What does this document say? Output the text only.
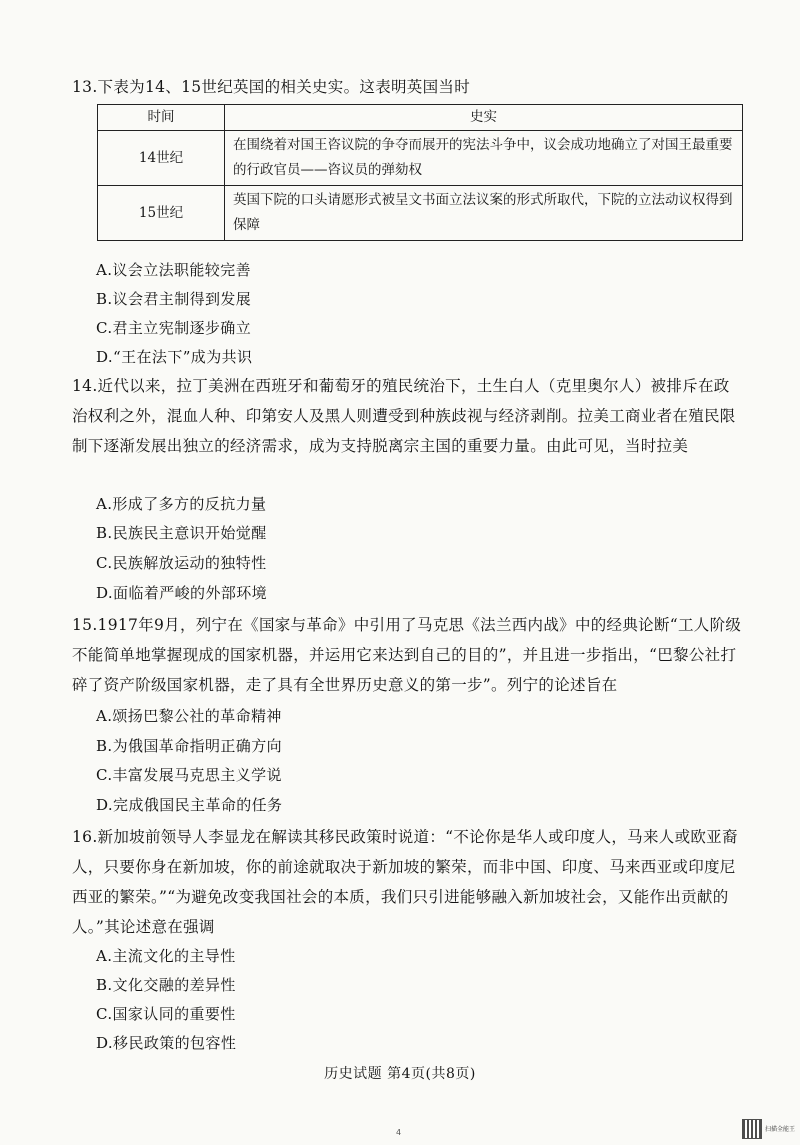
13.下表为14、15世纪英国的相关史实。这表明英国当时
时间	史实
14世纪	在围绕着对国王咨议院的争夺而展开的宪法斗争中，议会成功地确立了对国王最重要的行政官员——咨议员的弹劾权
15世纪	英国下院的口头请愿形式被呈文书面立法议案的形式所取代，下院的立法动议权得到保障
A.议会立法职能较完善
B.议会君主制得到发展
C.君主立宪制逐步确立
D.“王在法下”成为共识
14.近代以来，拉丁美洲在西班牙和葡萄牙的殖民统治下，土生白人（克里奥尔人）被排斥在政治权利之外，混血人种、印第安人及黑人则遭受到种族歧视与经济剥削。拉美工商业者在殖民限制下逐渐发展出独立的经济需求，成为支持脱离宗主国的重要力量。由此可见，当时拉美
A.形成了多方的反抗力量
B.民族民主意识开始觉醒
C.民族解放运动的独特性
D.面临着严峻的外部环境
15.1917年9月，列宁在《国家与革命》中引用了马克思《法兰西内战》中的经典论断“工人阶级不能简单地掌握现成的国家机器，并运用它来达到自己的目的”，并且进一步指出，“巴黎公社打碎了资产阶级国家机器，走了具有全世界历史意义的第一步”。列宁的论述旨在
A.颂扬巴黎公社的革命精神
B.为俄国革命指明正确方向
C.丰富发展马克思主义学说
D.完成俄国民主革命的任务
16.新加坡前领导人李显龙在解读其移民政策时说道：“不论你是华人或印度人，马来人或欧亚裔人，只要你身在新加坡，你的前途就取决于新加坡的繁荣，而非中国、印度、马来西亚或印度尼西亚的繁荣。”“为避免改变我国社会的本质，我们只引进能够融入新加坡社会，又能作出贡献的人。”其论述意在强调
A.主流文化的主导性
B.文化交融的差异性
C.国家认同的重要性
D.移民政策的包容性
历史试题 第4页(共8页)
4	扫描全能王
